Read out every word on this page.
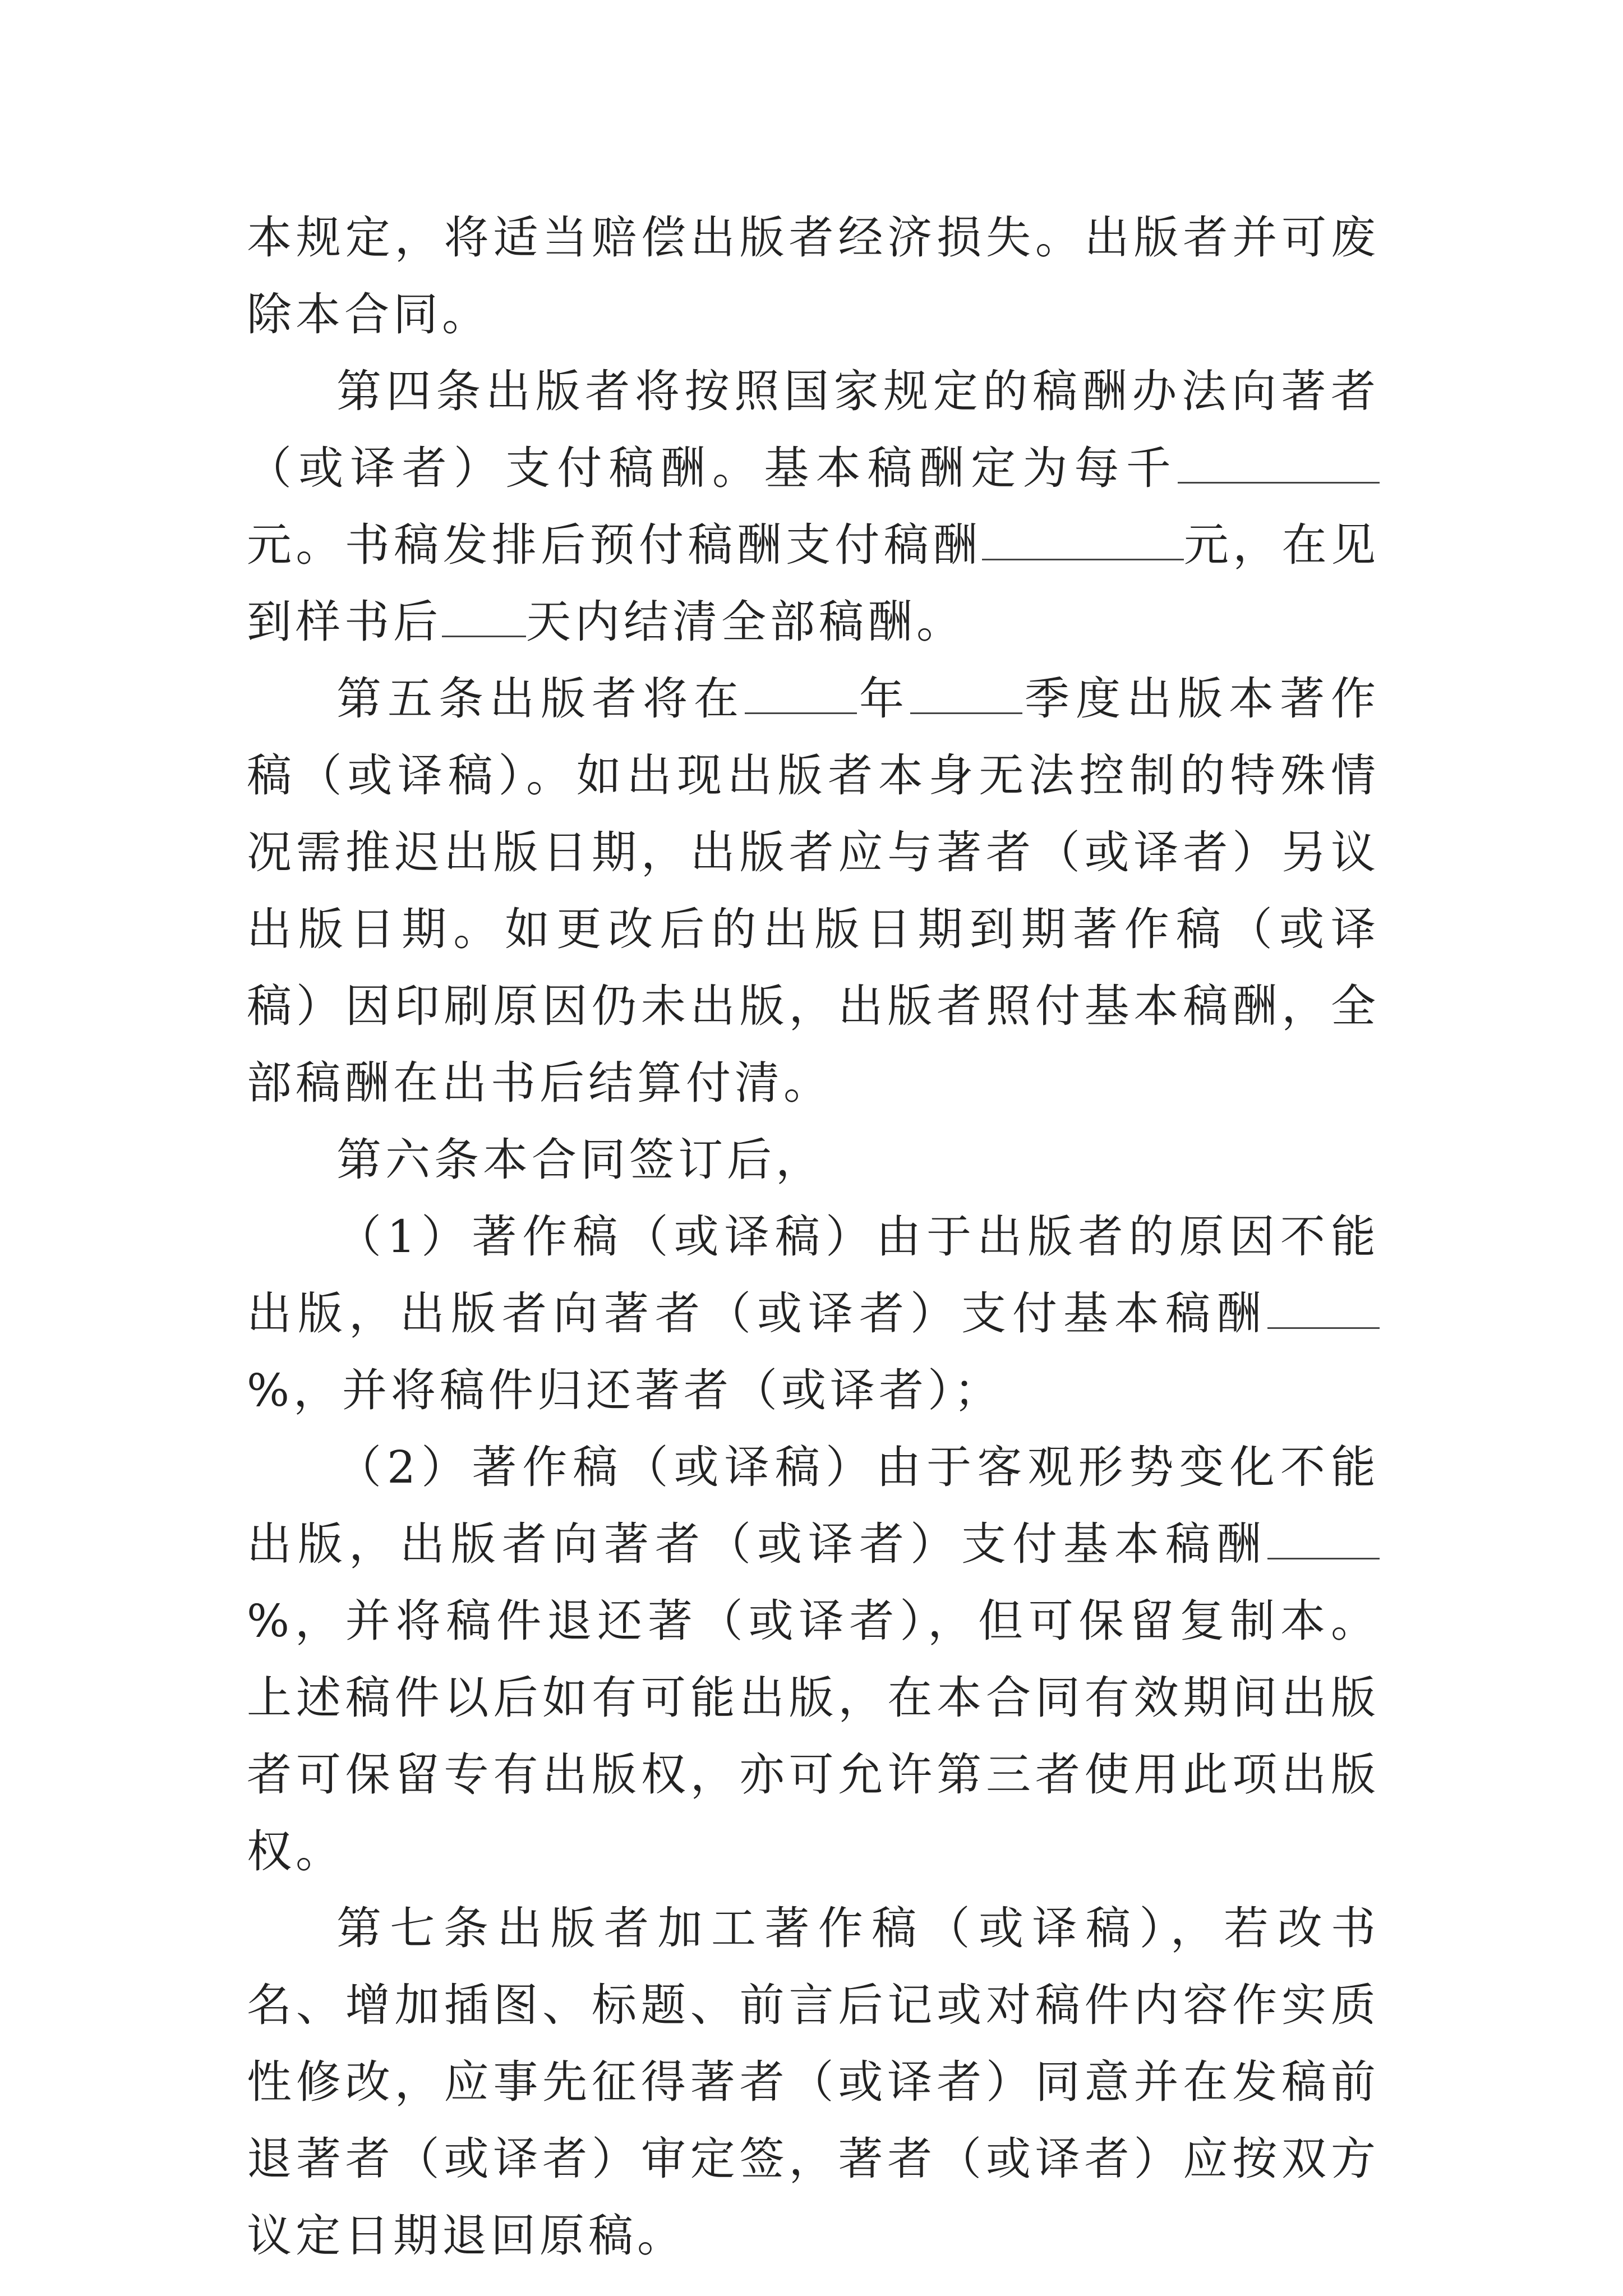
本规定，将适当赔偿出版者经济损失。出版者并可废除本合同。

第四条出版者将按照国家规定的稿酬办法向著者（或译者）支付稿酬。基本稿酬定为每千元。书稿发排后预付稿酬支付稿酬	元，在见到样书后 天内结清全部稿酬。

第五条出版者将在	年	季度出版本著作稿（或译稿）。如出现出版者本身无法控制的特殊情况需推迟出版日期，出版者应与著者（或译者）另议出版日期。如更改后的出版日期到期著作稿（或译稿）因印刷原因仍未出版，出版者照付基本稿酬，全部稿酬在出书后结算付清。

第六条本合同签订后，

（1）著作稿（或译稿）由于出版者的原因不能出版，出版者向著者（或译者）支付基本稿酬%，并将稿件归还著者（或译者）；

（2）著作稿（或译稿）由于客观形势变化不能出版，出版者向著者（或译者）支付基本稿酬%，并将稿件退还著（或译者），但可保留复制本。上述稿件以后如有可能出版，在本合同有效期间出版者可保留专有出版权，亦可允许第三者使用此项出版权。

第七条出版者加工著作稿（或译稿），若改书名、增加插图、标题、前言后记或对稿件内容作实质性修改，应事先征得著者（或译者）同意并在发稿前退著者（或译者）审定签，著者（或译者）应按双方议定日期退回原稿。
